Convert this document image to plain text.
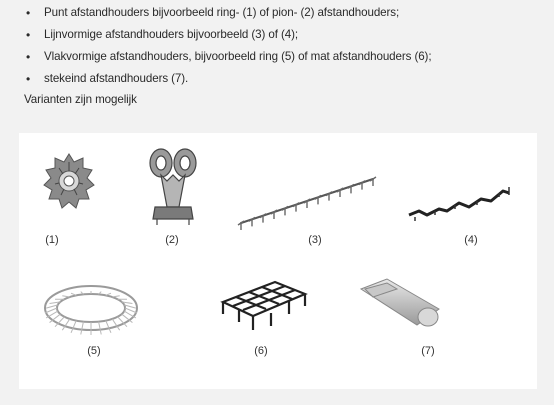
• Punt afstandhouders bijvoorbeeld ring- (1) of pion- (2) afstandhouders;
• Lijnvormige afstandhouders bijvoorbeeld (3) of (4);
• Vlakvormige afstandhouders, bijvoorbeeld ring (5) of mat afstandhouders (6);
• stekeind afstandhouders (7).
Varianten zijn mogelijk
(1)	(2)	(3)	(4)
(5)	(6)	(7)
